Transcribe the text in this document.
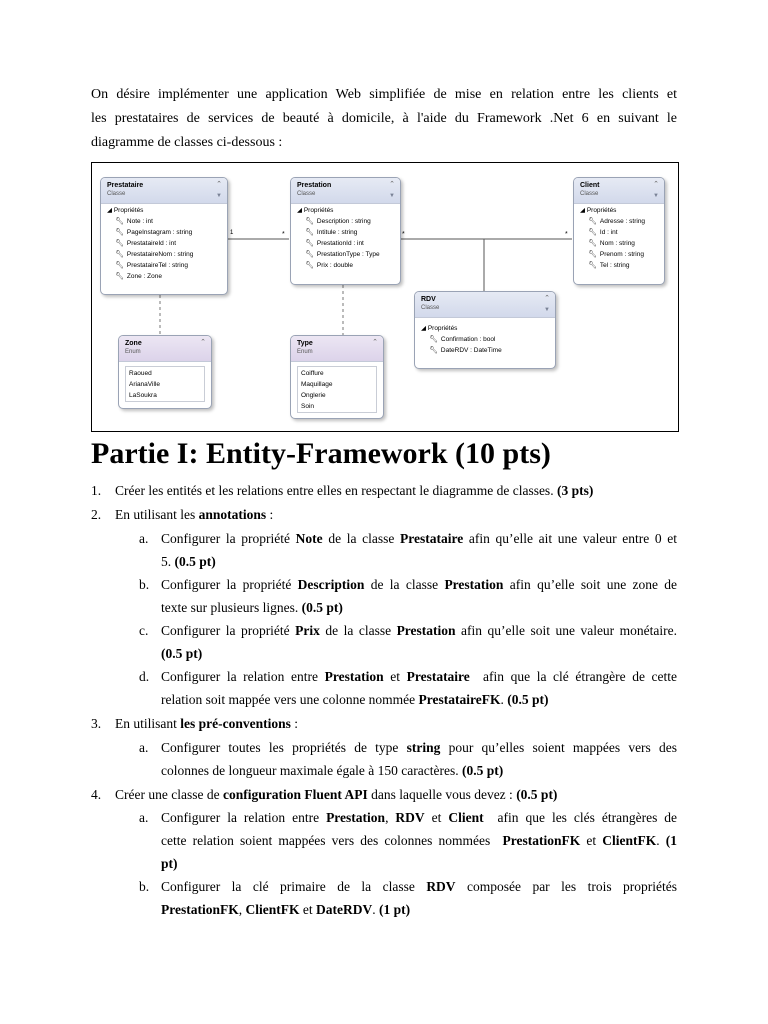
On désire implémenter une application Web simplifiée de mise en relation entre les clients et
les prestataires de services de beauté à domicile, à l'aide du Framework .Net 6 en suivant le
diagramme de classes ci-dessous :
1	*	*	*
Prestataire
Classe
⌃
▼
◢ Propriétés
🔧︎ Note : int
🔧︎ PageInstagram : string
🔧︎ PrestataireId : int
🔧︎ PrestataireNom : string
🔧︎ PrestataireTel : string
🔧︎ Zone : Zone
Prestation
Classe
⌃
▼
◢ Propriétés
🔧︎ Description : string
🔧︎ Intitule : string
🔧︎ PrestationId : int
🔧︎ PrestationType : Type
🔧︎ Prix : double
Client
Classe
⌃
▼
◢ Propriétés
🔧︎ Adresse : string
🔧︎ Id : int
🔧︎ Nom : string
🔧︎ Prenom : string
🔧︎ Tel : string
RDV
Classe
⌃
▼
◢ Propriétés
🔧︎ Confirmation : bool
🔧︎ DateRDV : DateTime
Zone
Enum
⌃
Raoued
ArianaVille
LaSoukra
Type
Enum
⌃
Coiffure
Maquillage
Onglerie
Soin
Partie I: Entity-Framework (10 pts)
1. Créer les entités et les relations entre elles en respectant le diagramme de classes. (3 pts)
2. En utilisant les annotations :
a. Configurer la propriété Note de la classe Prestataire afin qu’elle ait une valeur entre 0 et
5. (0.5 pt)
b. Configurer la propriété Description de la classe Prestation afin qu’elle soit une zone de
texte sur plusieurs lignes. (0.5 pt)
c. Configurer la propriété Prix de la classe Prestation afin qu’elle soit une valeur monétaire.
(0.5 pt)
d. Configurer la relation entre Prestation et Prestataire afin que la clé étrangère de cette
relation soit mappée vers une colonne nommée PrestataireFK. (0.5 pt)
3. En utilisant les pré-conventions :
a. Configurer toutes les propriétés de type string pour qu’elles soient mappées vers des
colonnes de longueur maximale égale à 150 caractères. (0.5 pt)
4. Créer une classe de configuration Fluent API dans laquelle vous devez : (0.5 pt)
a. Configurer la relation entre Prestation, RDV et Client afin que les clés étrangères de
cette relation soient mappées vers des colonnes nommées PrestationFK et ClientFK. (1
pt)
b. Configurer la clé primaire de la classe RDV composée par les trois propriétés
PrestationFK, ClientFK et DateRDV. (1 pt)
